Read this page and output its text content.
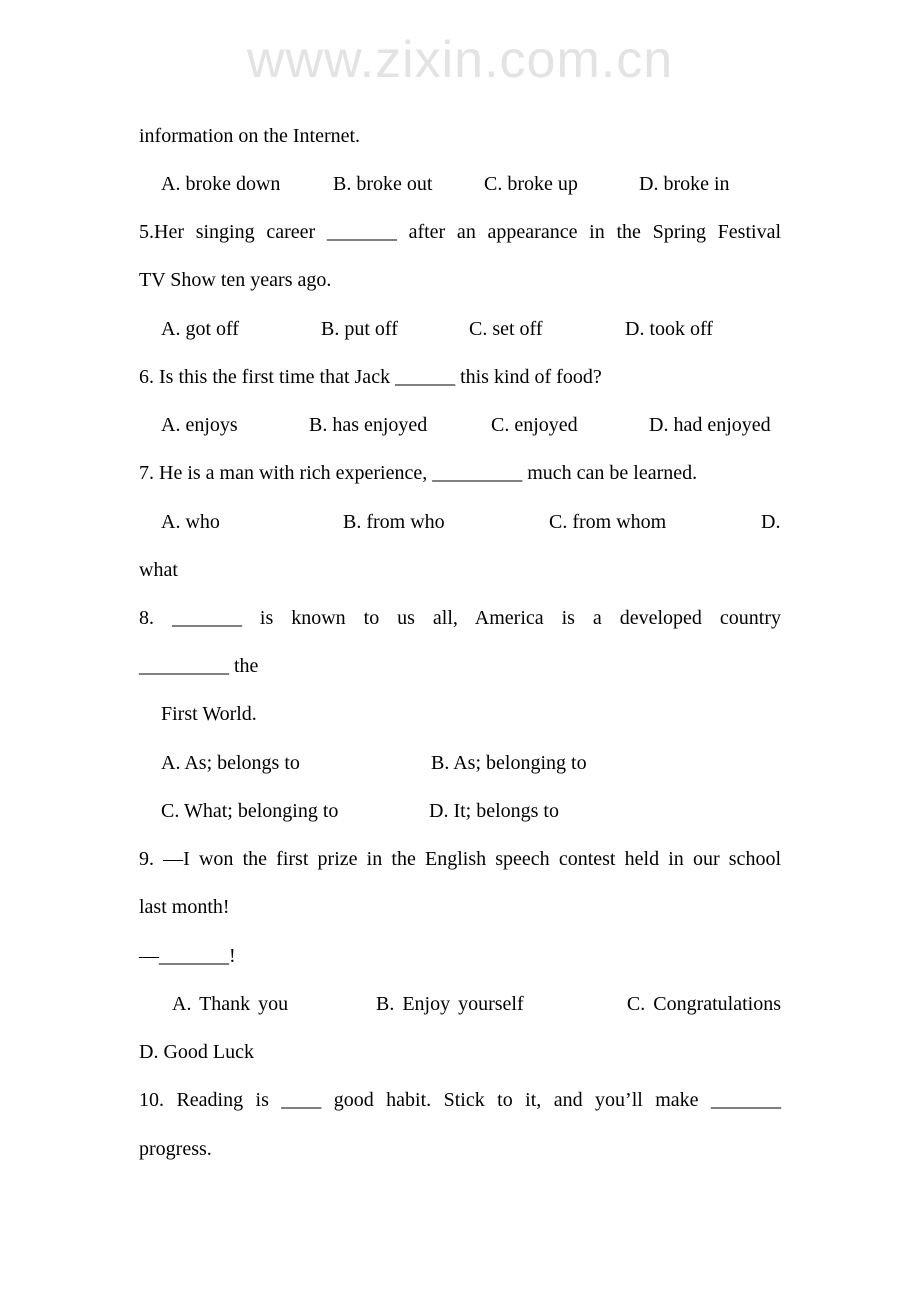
www.zixin.com.cn
information on the Internet.
A. broke down	B. broke out	C. broke up	D. broke in
5.Her singing career _______ after an appearance in the Spring Festival
TV Show ten years ago.
A. got off	B. put off	C. set off	D. took off
6. Is this the first time that Jack ______ this kind of food?
A. enjoys	B. has enjoyed	C. enjoyed	D. had enjoyed
7. He is a man with rich experience, _________ much can be learned.
A. who	B. from who	C. from whom	D.
what
8. _______ is known to us all, America is a developed country
_________ the
First World.
A. As; belongs to	B. As; belonging to
C. What; belonging to	D. It; belongs to
9. —I won the first prize in the English speech contest held in our school
last month!
—_______!
A. Thank you	B. Enjoy yourself	C. Congratulations
D. Good Luck
10. Reading is ____ good habit. Stick to it, and you’ll make _______
progress.
